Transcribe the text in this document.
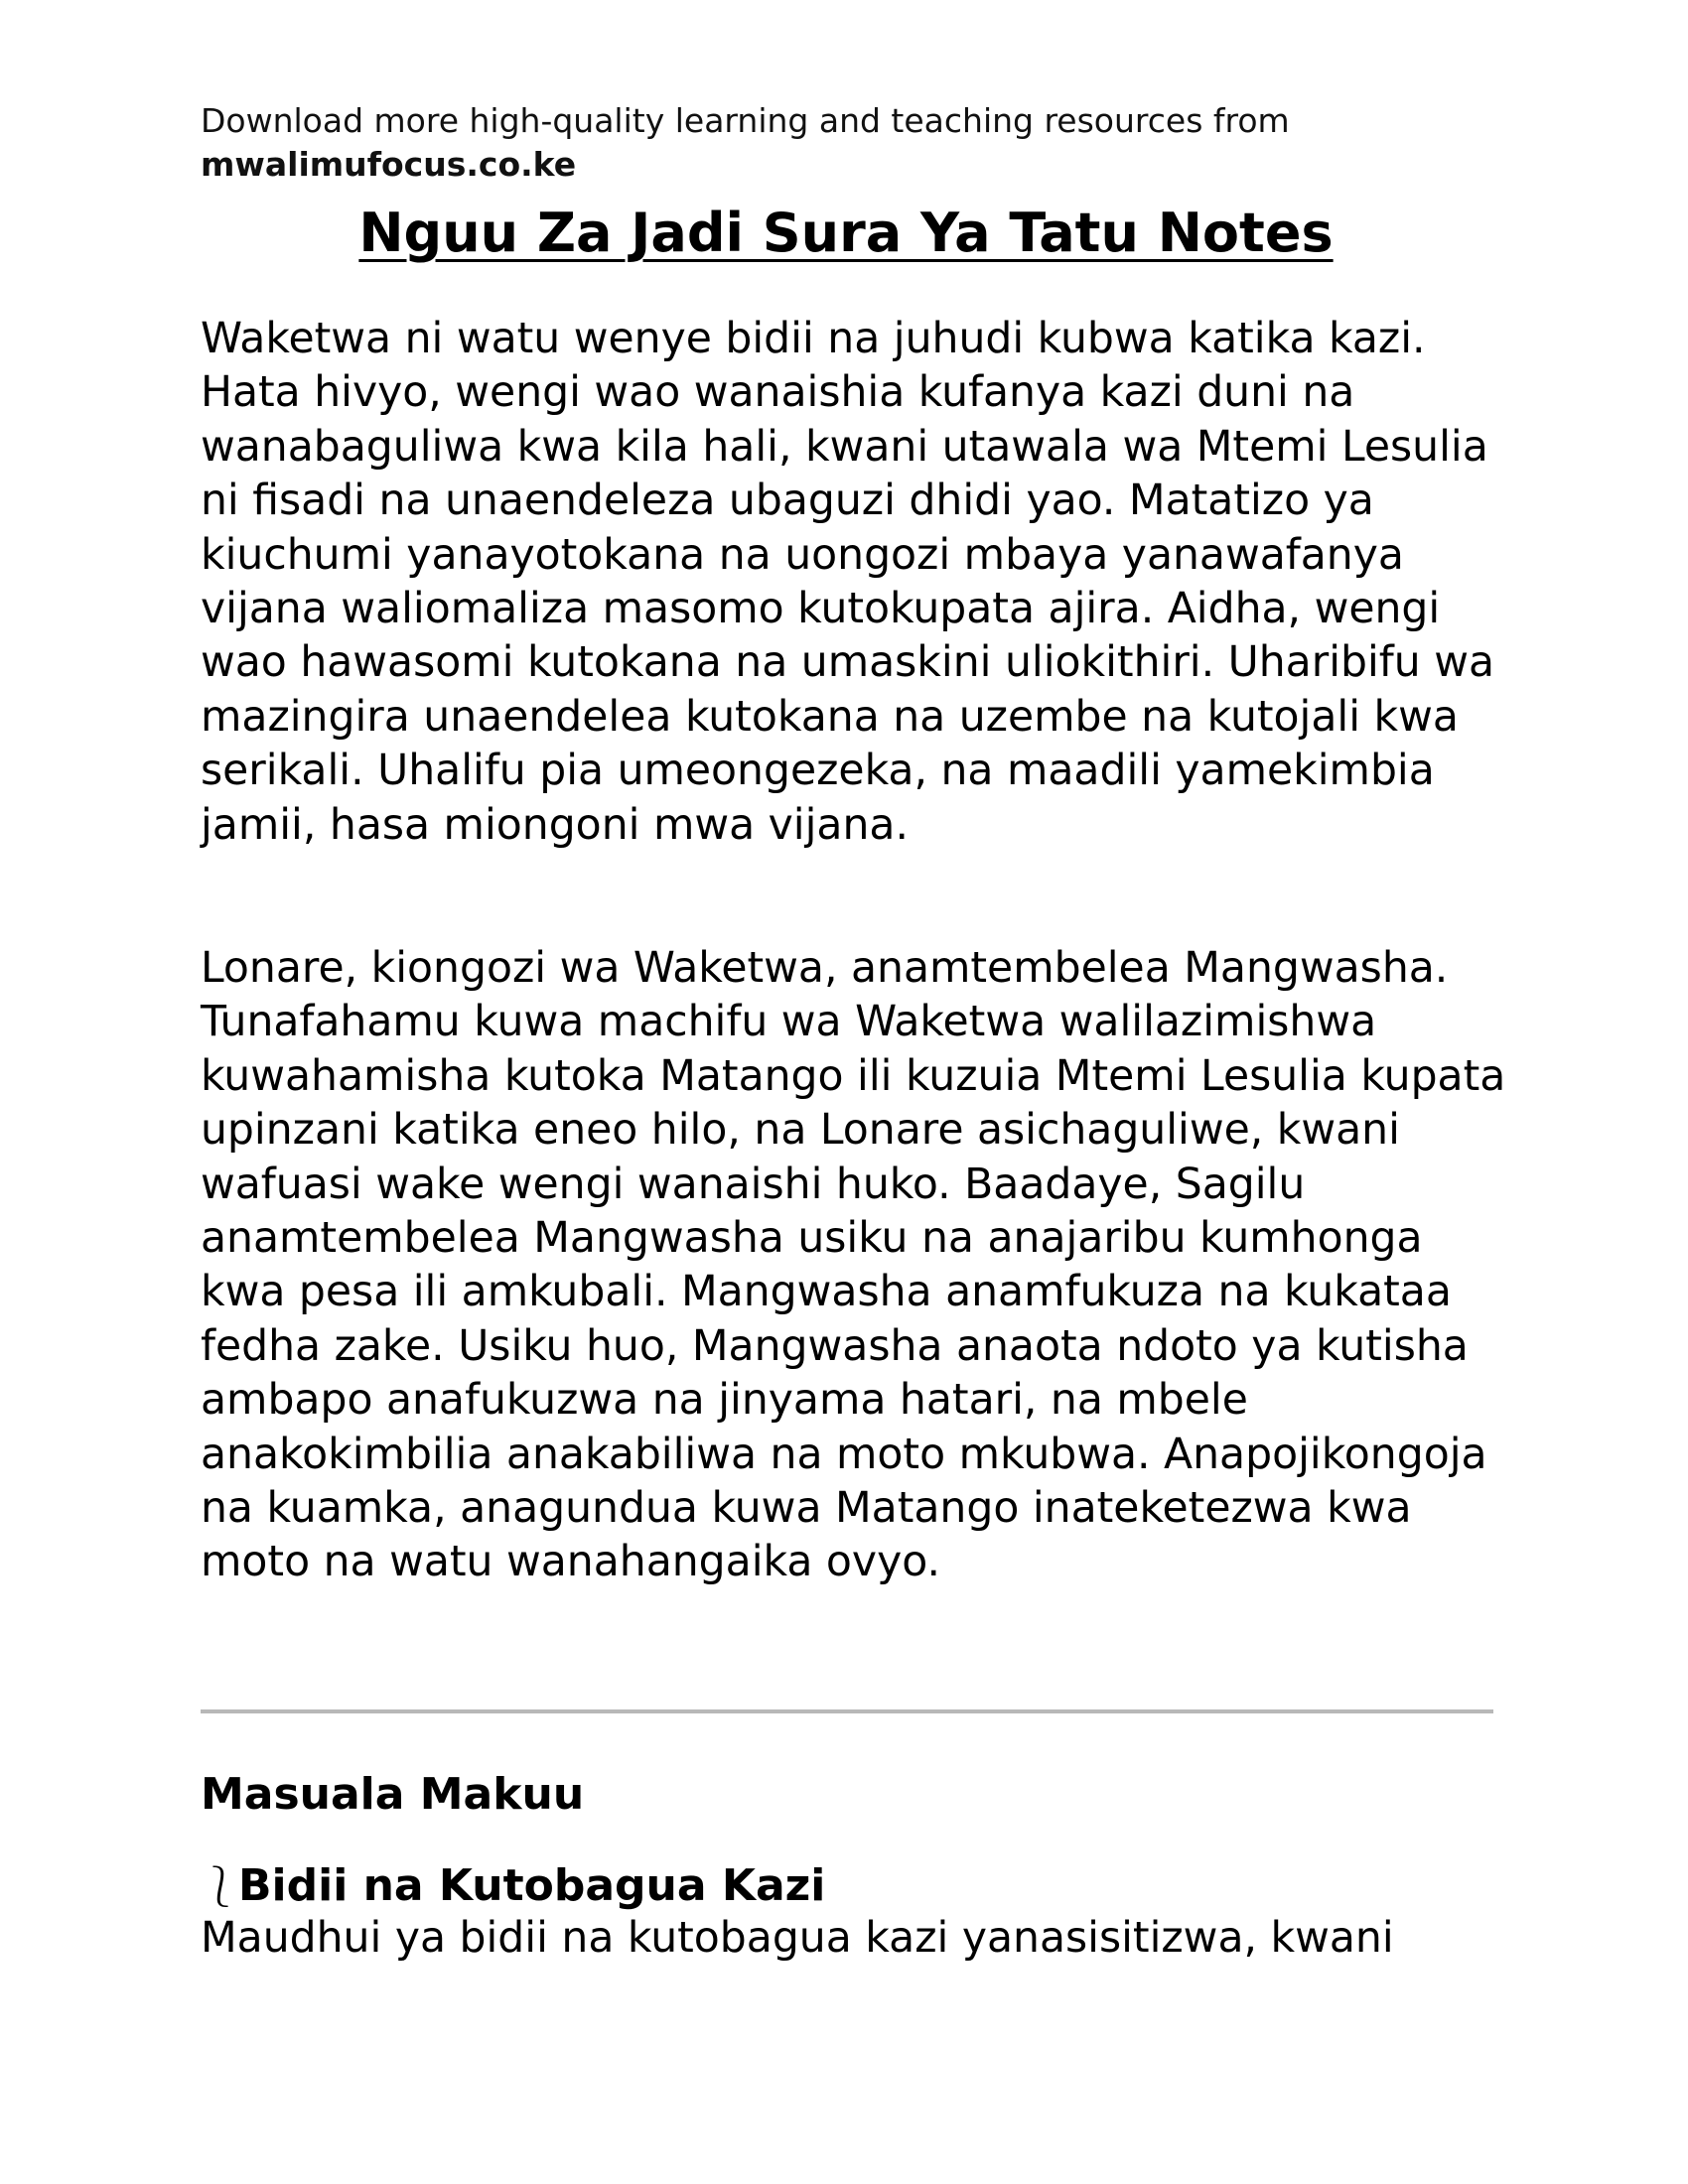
Download more high-quality learning and teaching resources from
mwalimufocus.co.ke
Nguu Za Jadi Sura Ya Tatu Notes

Waketwa ni watu wenye bidii na juhudi kubwa katika kazi. Hata hivyo, wengi wao wanaishia kufanya kazi duni na wanabaguliwa kwa kila hali, kwani utawala wa Mtemi Lesulia ni fisadi na unaendeleza ubaguzi dhidi yao. Matatizo ya kiuchumi yanayotokana na uongozi mbaya yanawafanya vijana waliomaliza masomo kutokupata ajira. Aidha, wengi wao hawasomi kutokana na umaskini uliokithiri. Uharibifu wa mazingira unaendelea kutokana na uzembe na kutojali kwa serikali. Uhalifu pia umeongezeka, na maadili yamekimbia jamii, hasa miongoni mwa vijana.

Lonare, kiongozi wa Waketwa, anamtembelea Mangwasha. Tunafahamu kuwa machifu wa Waketwa walilazimishwa kuwahamisha kutoka Matango ili kuzuia Mtemi Lesulia kupata upinzani katika eneo hilo, na Lonare asichaguliwe, kwani wafuasi wake wengi wanaishi huko. Baadaye, Sagilu anamtembelea Mangwasha usiku na anajaribu kumhonga kwa pesa ili amkubali. Mangwasha anamfukuza na kukataa fedha zake. Usiku huo, Mangwasha anaota ndoto ya kutisha ambapo anafukuzwa na jinyama hatari, na mbele anakokimbilia anakabiliwa na moto mkubwa. Anapojikongoja na kuamka, anagundua kuwa Matango inateketezwa kwa moto na watu wanahangaika ovyo.

Masuala Makuu
⎱Bidii na Kutobagua Kazi

Maudhui ya bidii na kutobagua kazi yanasisitizwa, kwani
